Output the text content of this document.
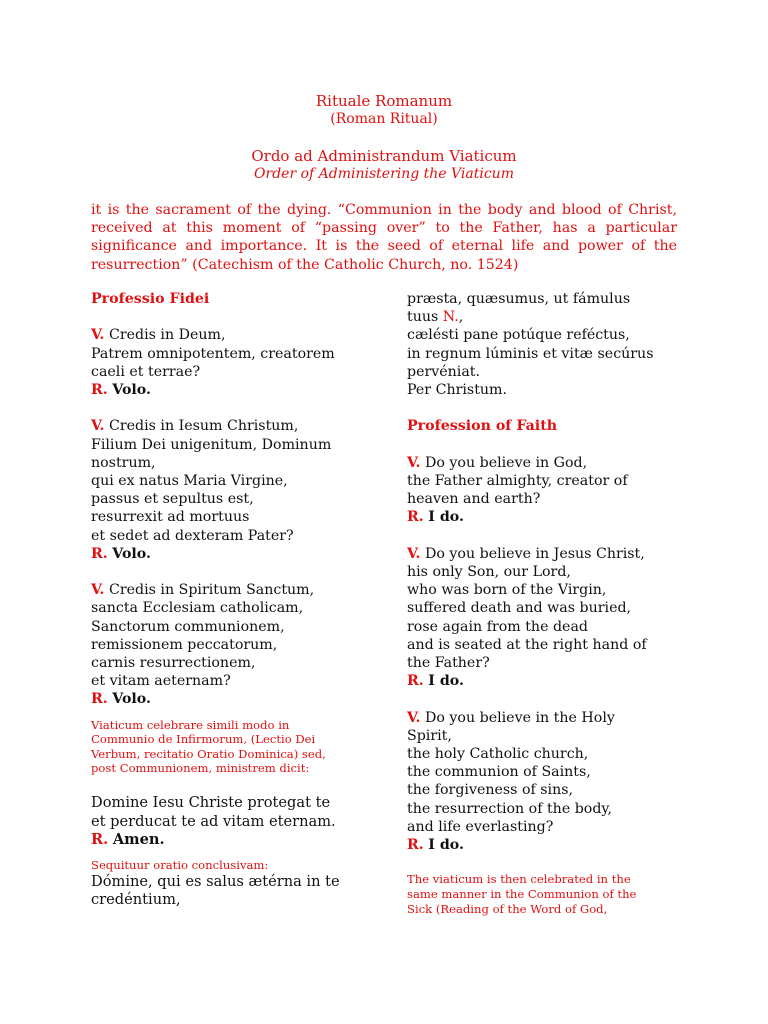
Rituale Romanum
(Roman Ritual)
Ordo ad Administrandum Viaticum
Order of Administering the Viaticum
it is the sacrament of the dying. “Communion in the body and blood of Christ, received at this moment of “passing over” to the Father, has a particular significance and importance. It is the seed of eternal life and power of the resurrection” (Catechism of the Catholic Church, no. 1524)
Professio Fidei
V. Credis in Deum,
Patrem omnipotentem, creatorem
caeli et terrae?
R. Volo.
V. Credis in Iesum Christum,
Filium Dei unigenitum, Dominum
nostrum,
qui ex natus Maria Virgine,
passus et sepultus est,
resurrexit ad mortuus
et sedet ad dexteram Pater?
R. Volo.
V. Credis in Spiritum Sanctum,
sancta Ecclesiam catholicam,
Sanctorum communionem,
remissionem peccatorum,
carnis resurrectionem,
et vitam aeternam?
R. Volo.
Viaticum celebrare simili modo in
Communio de Infirmorum, (Lectio Dei
Verbum, recitatio Oratio Dominica) sed,
post Communionem, ministrem dicit:
Domine Iesu Christe protegat te
et perducat te ad vitam eternam.
R. Amen.
Sequituur oratio conclusivam:
Dómine, qui es salus ætérna in te
credéntium,
præsta, quæsumus, ut fámulus
tuus N.,
cælésti pane potúque reféctus,
in regnum lúminis et vitæ secúrus
pervéniat.
Per Christum.
Profession of Faith
V. Do you believe in God,
the Father almighty, creator of
heaven and earth?
R. I do.
V. Do you believe in Jesus Christ,
his only Son, our Lord,
who was born of the Virgin,
suffered death and was buried,
rose again from the dead
and is seated at the right hand of
the Father?
R. I do.
V. Do you believe in the Holy
Spirit,
the holy Catholic church,
the communion of Saints,
the forgiveness of sins,
the resurrection of the body,
and life everlasting?
R. I do.
The viaticum is then celebrated in the
same manner in the Communion of the
Sick (Reading of the Word of God,
